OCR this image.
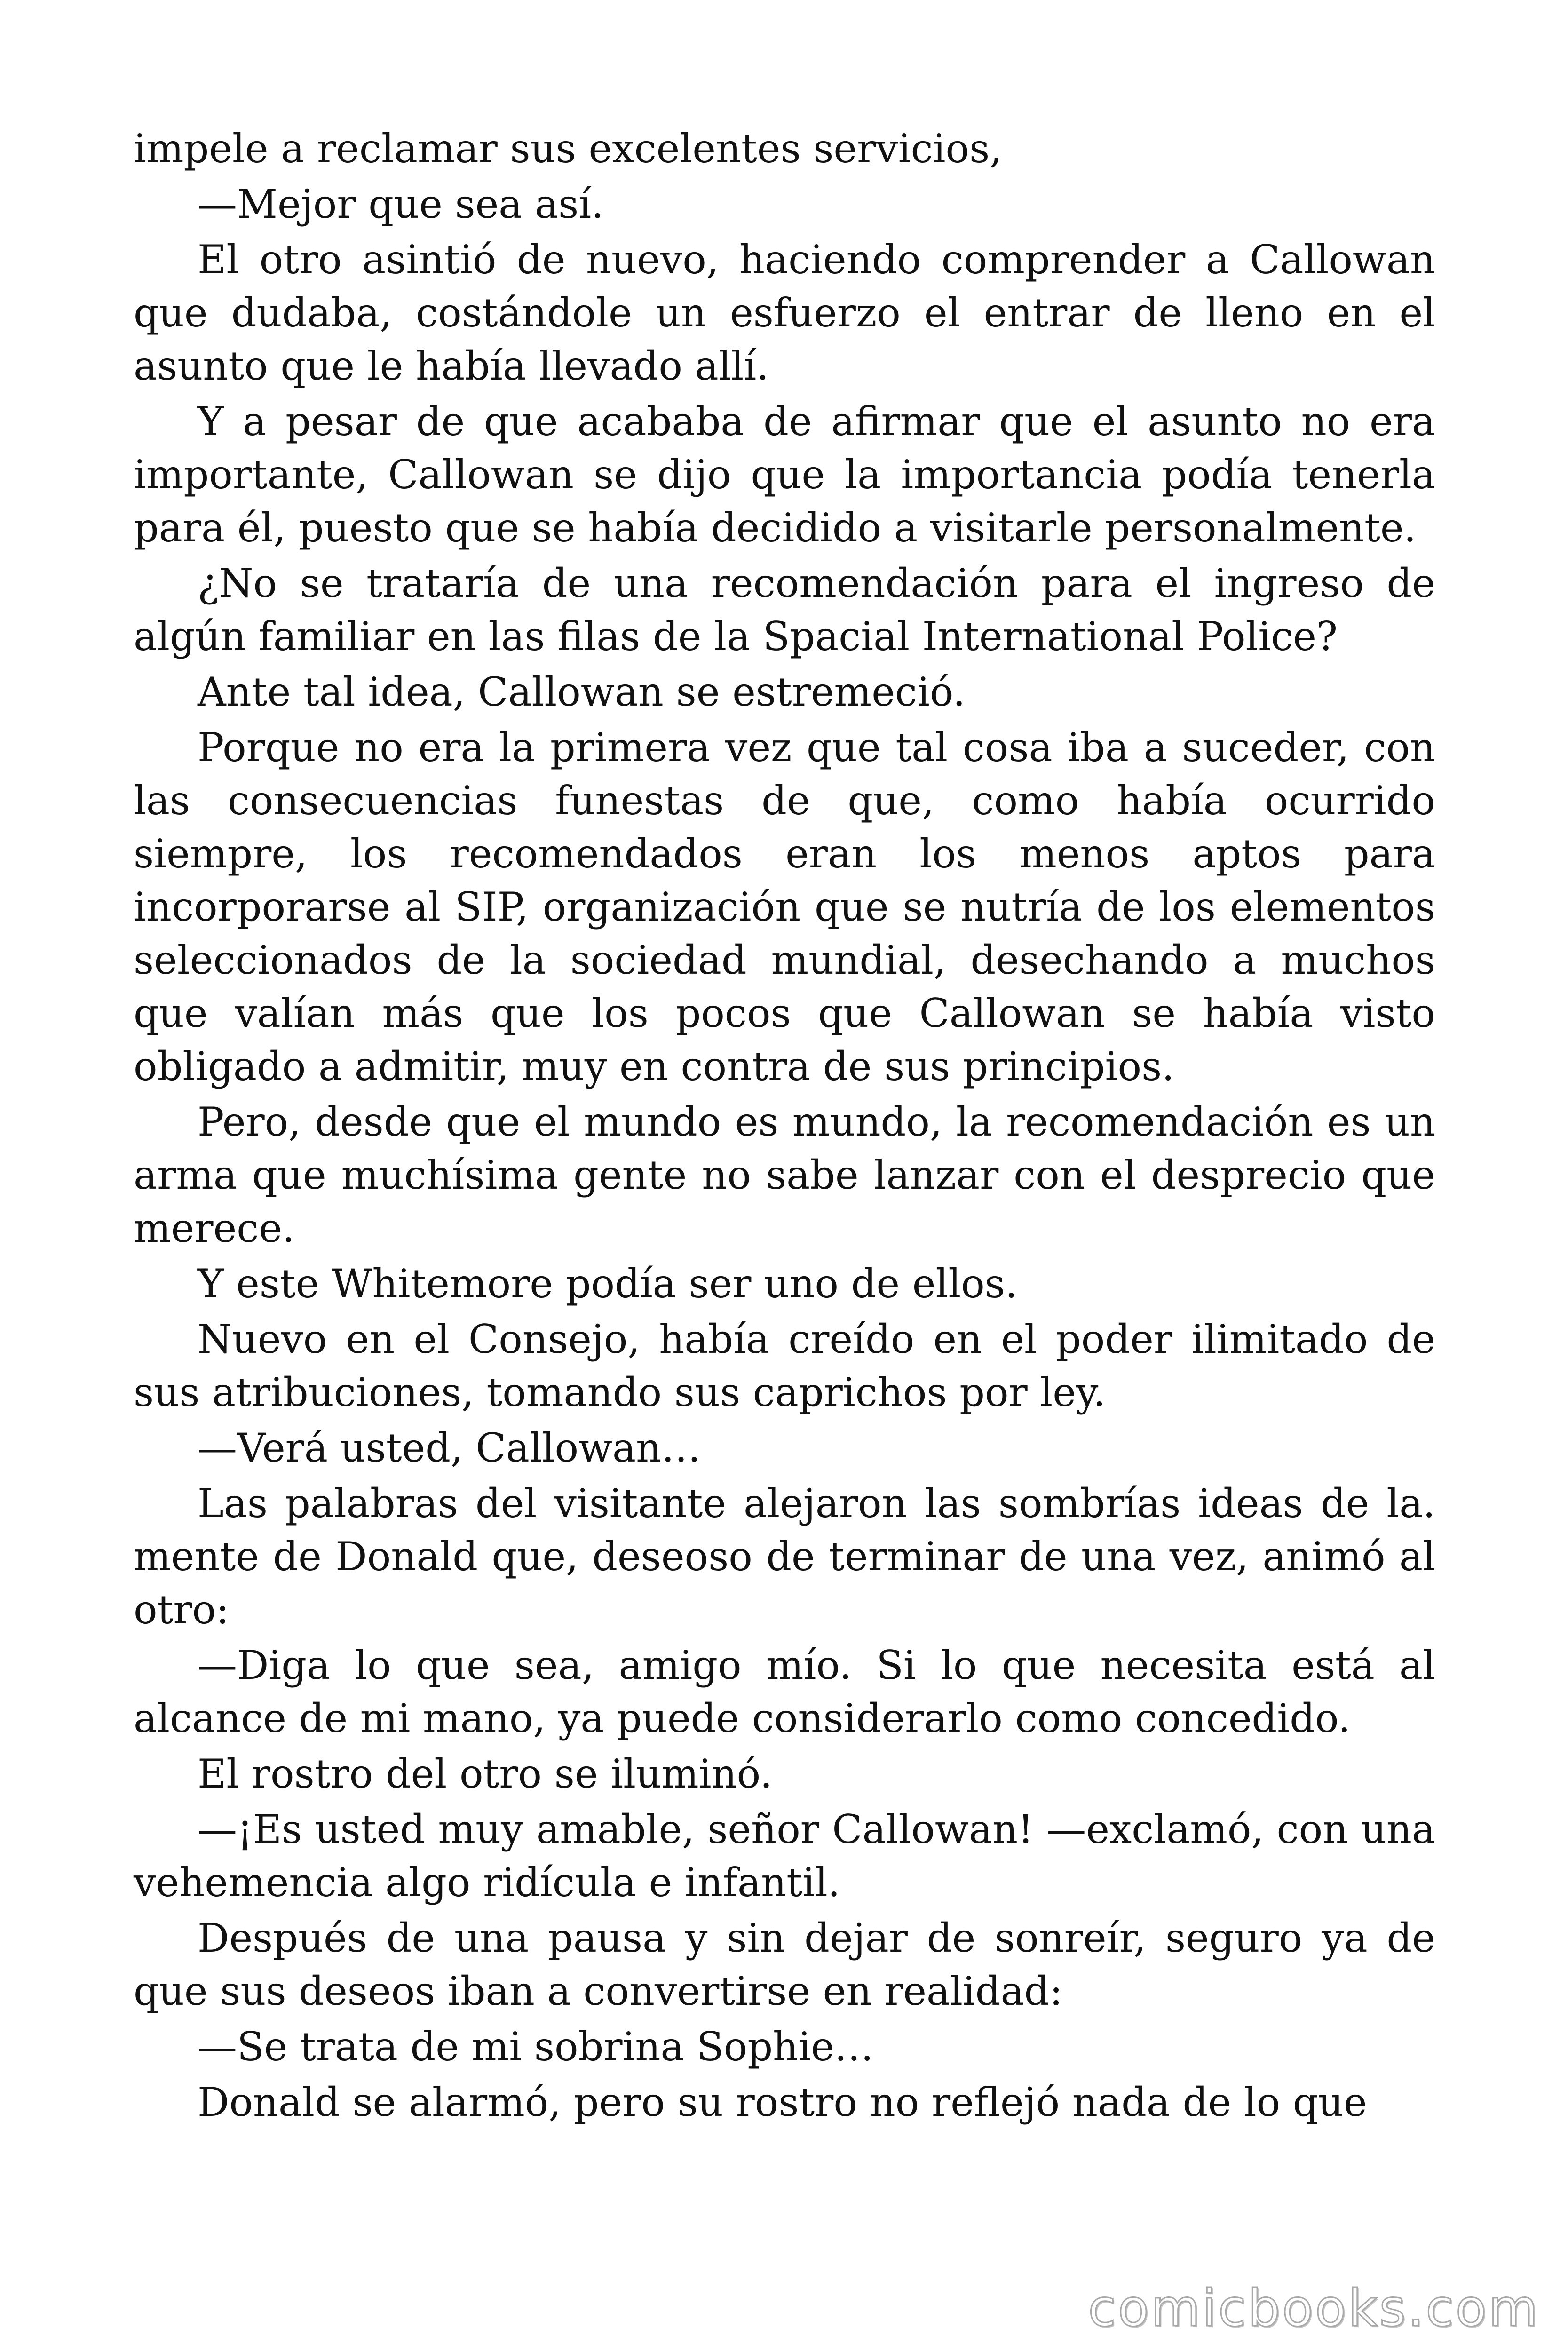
impele a reclamar sus excelentes servicios,

—Mejor que sea así.

El otro asintió de nuevo, haciendo comprender a Callowan que dudaba, costándole un esfuerzo el entrar de lleno en el asunto que le había llevado allí.

Y a pesar de que acababa de afirmar que el asunto no era importante, Callowan se dijo que la importancia podía tenerla para él, puesto que se había decidido a visitarle personalmente.

¿No se trataría de una recomendación para el ingreso de algún familiar en las filas de la Spacial International Police?

Ante tal idea, Callowan se estremeció.

Porque no era la primera vez que tal cosa iba a suceder, con las consecuencias funestas de que, como había ocurrido siempre, los recomendados eran los menos aptos para incorporarse al SIP, organización que se nutría de los elementos seleccionados de la sociedad mundial, desechando a muchos que valían más que los pocos que Callowan se había visto obligado a admitir, muy en contra de sus principios.

Pero, desde que el mundo es mundo, la recomendación es un arma que muchísima gente no sabe lanzar con el desprecio que merece.

Y este Whitemore podía ser uno de ellos.

Nuevo en el Consejo, había creído en el poder ilimitado de sus atribuciones, tomando sus caprichos por ley.

—Verá usted, Callowan…

Las palabras del visitante alejaron las sombrías ideas de la. mente de Donald que, deseoso de terminar de una vez, animó al otro:

—Diga lo que sea, amigo mío. Si lo que necesita está al alcance de mi mano, ya puede considerarlo como concedido.

El rostro del otro se iluminó.

—¡Es usted muy amable, señor Callowan! —exclamó, con una vehemencia algo ridícula e infantil.

Después de una pausa y sin dejar de sonreír, seguro ya de que sus deseos iban a convertirse en realidad:

—Se trata de mi sobrina Sophie…

Donald se alarmó, pero su rostro no reflejó nada de lo que

comicbooks.com
